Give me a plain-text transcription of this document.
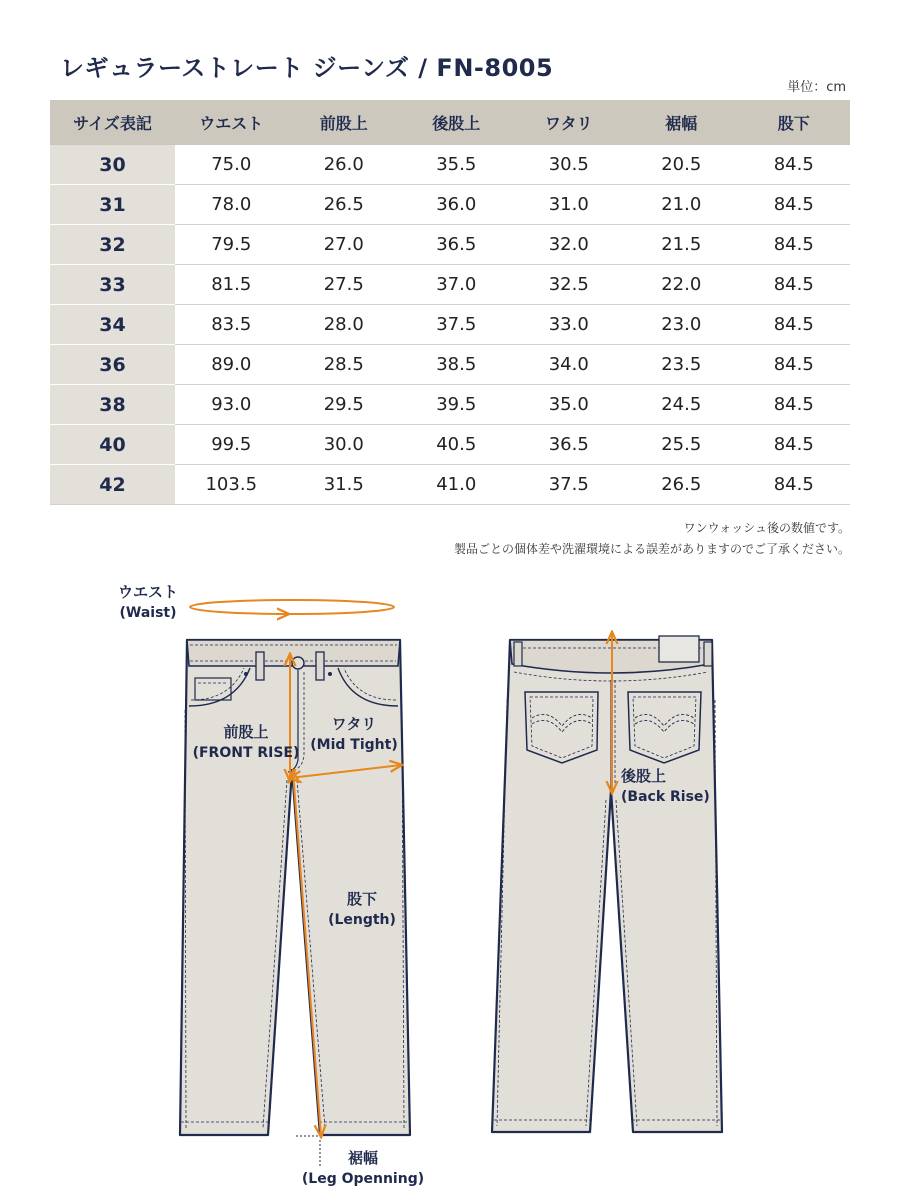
レギュラーストレート ジーンズ / FN-8005
単位：cm
サイズ表記	ウエスト	前股上	後股上	ワタリ	裾幅	股下
30	75.0	26.0	35.5	30.5	20.5	84.5
31	78.0	26.5	36.0	31.0	21.0	84.5
32	79.5	27.0	36.5	32.0	21.5	84.5
33	81.5	27.5	37.0	32.5	22.0	84.5
34	83.5	28.0	37.5	33.0	23.0	84.5
36	89.0	28.5	38.5	34.0	23.5	84.5
38	93.0	29.5	39.5	35.0	24.5	84.5
40	99.5	30.0	40.5	36.5	25.5	84.5
42	103.5	31.5	41.0	37.5	26.5	84.5
ワンウォッシュ後の数値です。
製品ごとの個体差や洗濯環境による誤差がありますのでご了承ください。
ウエスト
(Waist)
前股上
(FRONT RISE)
ワタリ
(Mid Tight)
股下
(Length)
裾幅
(Leg Openning)
後股上
(Back Rise)
